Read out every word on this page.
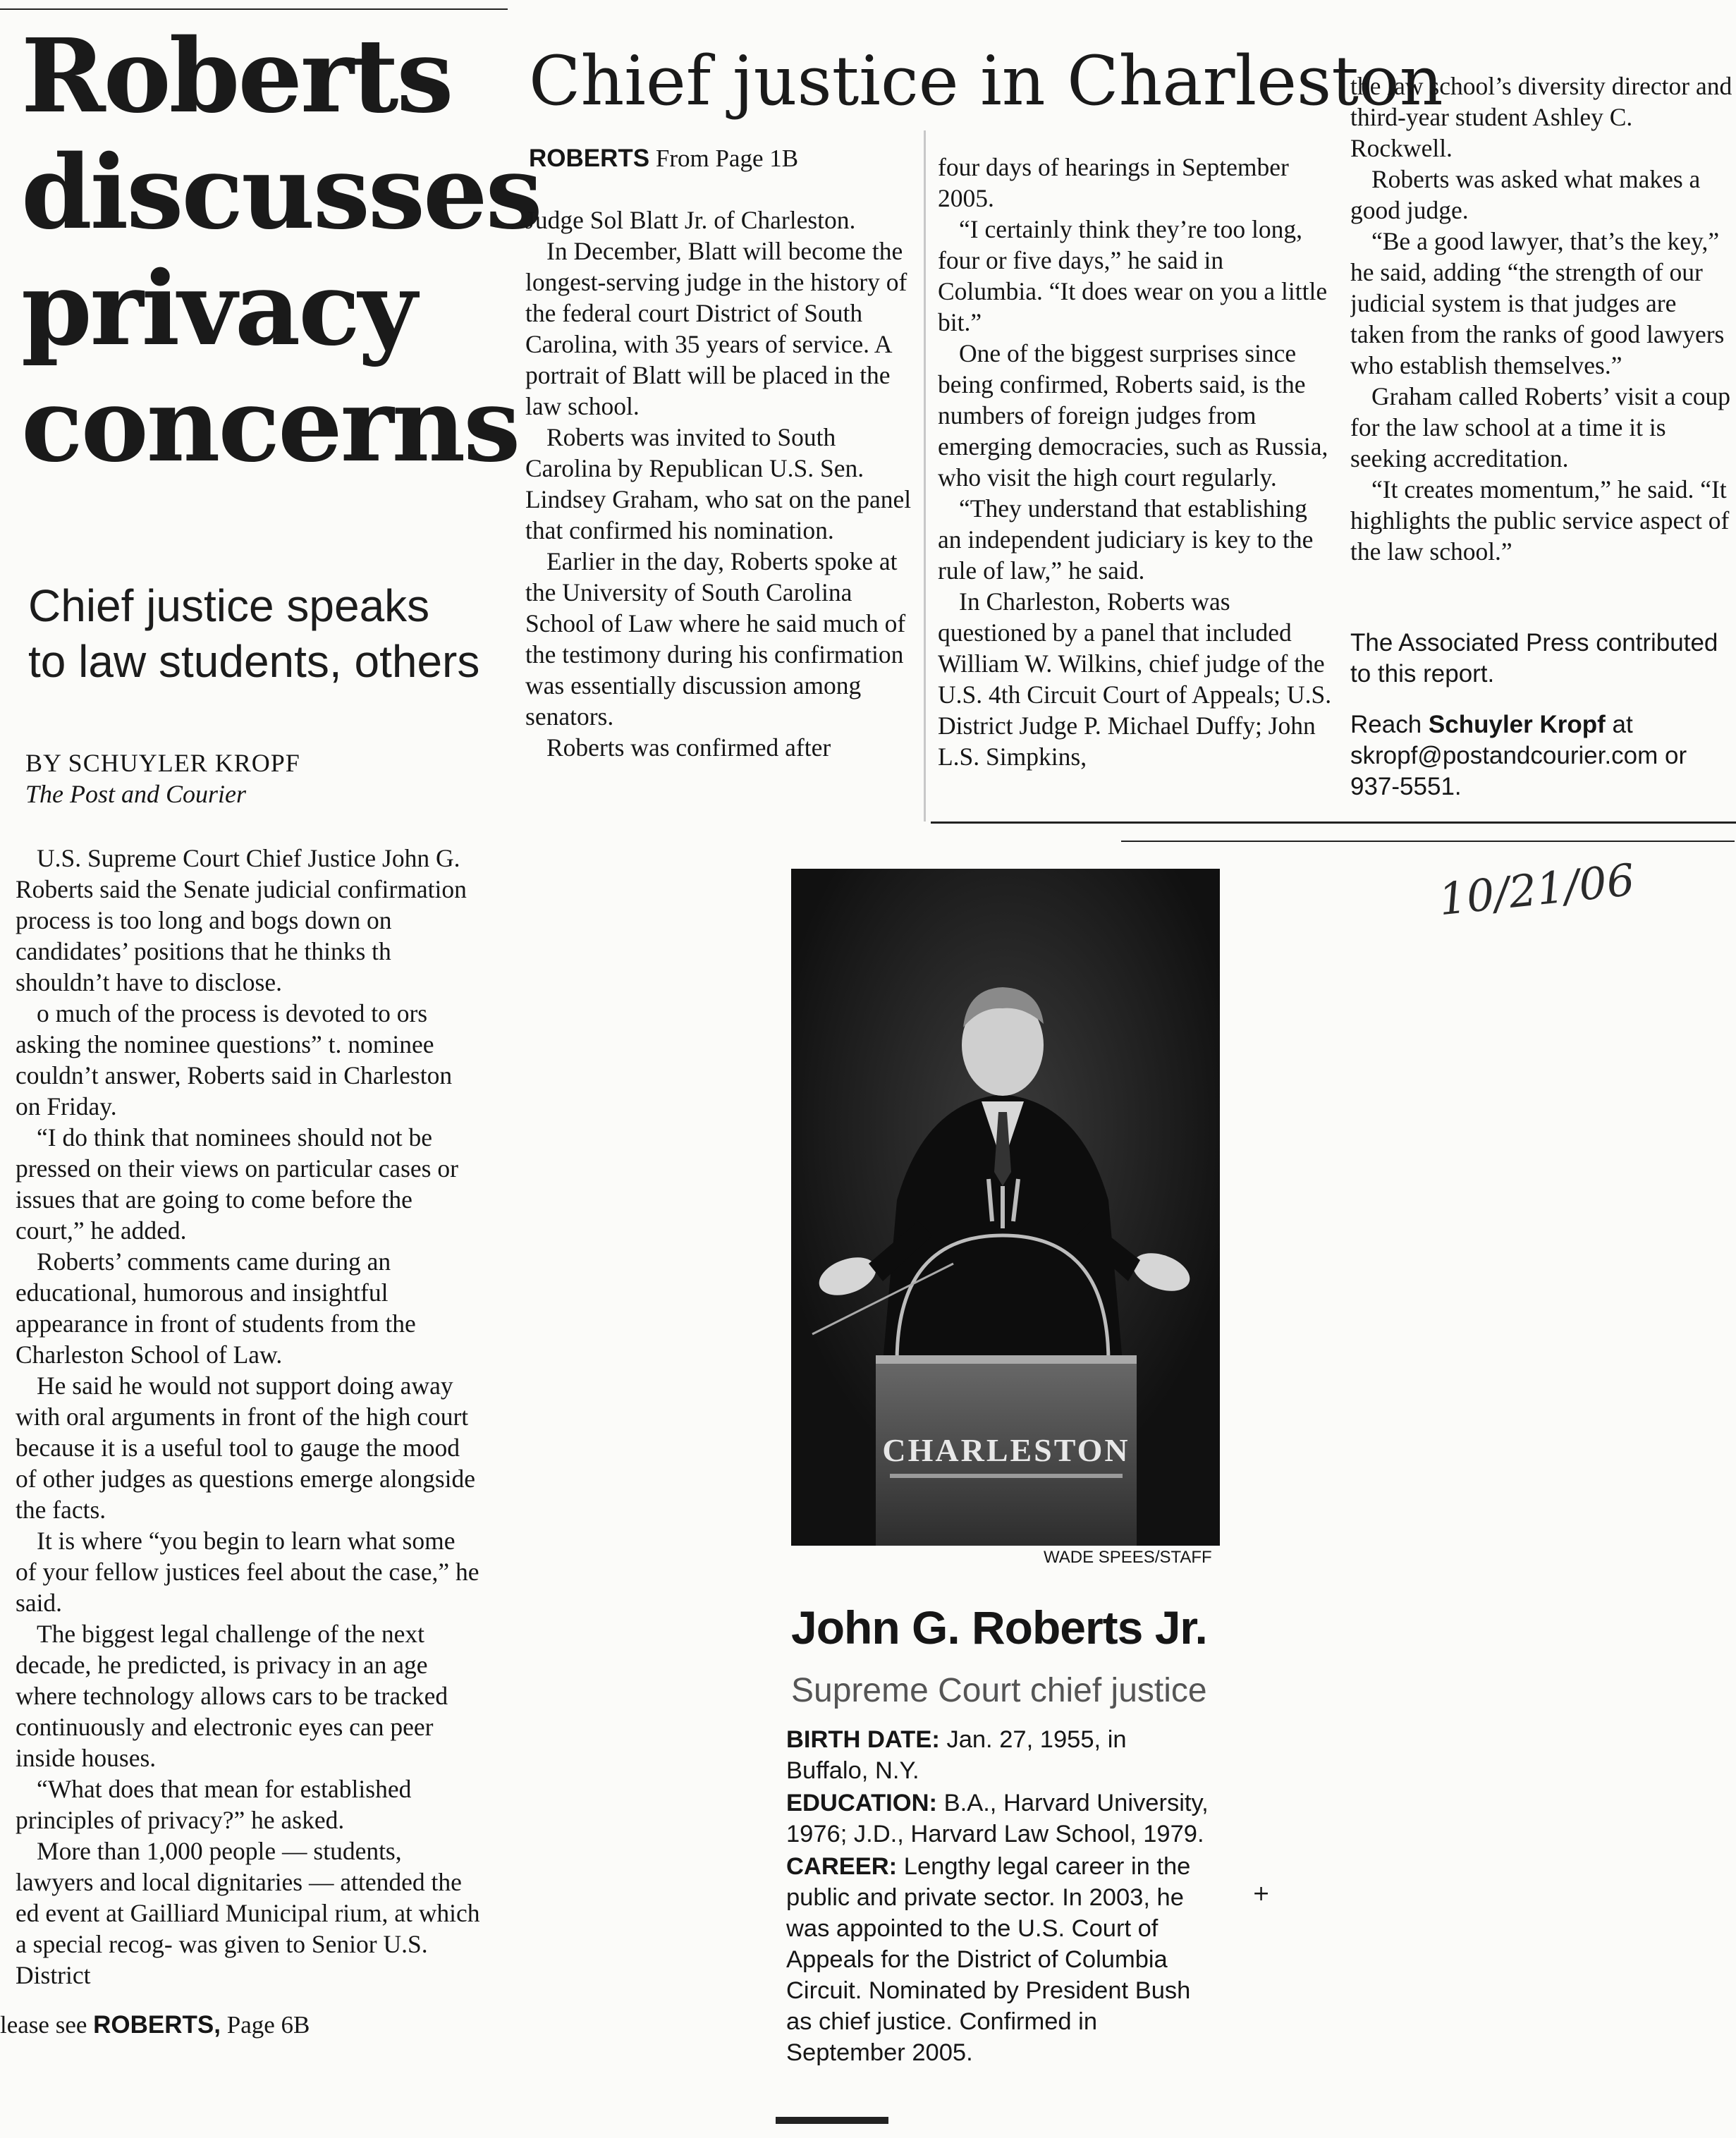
Roberts
discusses
privacy
concerns
Chief justice speaks
to law students, others
BY SCHUYLER KROPF
The Post and Courier

U.S. Supreme Court Chief Justice John G. Roberts said the Senate judicial confirmation process is too long and bogs down on candidates’ positions that he thinks th shouldn’t have to disclose.

o much of the process is devoted to ors asking the nominee questions” t. nominee couldn’t answer, Roberts said in Charleston on Friday.

“I do think that nominees should not be pressed on their views on particular cases or issues that are going to come before the court,” he added.

Roberts’ comments came during an educational, humorous and insightful appearance in front of students from the Charleston School of Law.

He said he would not support doing away with oral arguments in front of the high court because it is a useful tool to gauge the mood of other judges as questions emerge alongside the facts.

It is where “you begin to learn what some of your fellow justices feel about the case,” he said.

The biggest legal challenge of the next decade, he predicted, is privacy in an age where technology allows cars to be tracked continuously and electronic eyes can peer inside houses.

“What does that mean for established principles of privacy?” he asked.

More than 1,000 people — students, lawyers and local dignitaries — attended the ed event at Gailliard Municipal rium, at which a special recog- was given to Senior U.S. District

lease see ROBERTS, Page 6B
Chief justice in Charleston
ROBERTS From Page 1B

Judge Sol Blatt Jr. of Charleston.

In December, Blatt will become the longest-serving judge in the history of the federal court District of South Carolina, with 35 years of service. A portrait of Blatt will be placed in the law school.

Roberts was invited to South Carolina by Republican U.S. Sen. Lindsey Graham, who sat on the panel that confirmed his nomination.

Earlier in the day, Roberts spoke at the University of South Carolina School of Law where he said much of the testimony during his confirmation was essentially discussion among senators.

Roberts was confirmed after

four days of hearings in September 2005.

“I certainly think they’re too long, four or five days,” he said in Columbia. “It does wear on you a little bit.”

One of the biggest surprises since being confirmed, Roberts said, is the numbers of foreign judges from emerging democracies, such as Russia, who visit the high court regularly.

“They understand that establishing an independent judiciary is key to the rule of law,” he said.

In Charleston, Roberts was questioned by a panel that included William W. Wilkins, chief judge of the U.S. 4th Circuit Court of Appeals; U.S. District Judge P. Michael Duffy; John L.S. Simpkins,

the law school’s diversity director and third-year student Ashley C. Rockwell.

Roberts was asked what makes a good judge.

“Be a good lawyer, that’s the key,” he said, adding “the strength of our judicial system is that judges are taken from the ranks of good lawyers who establish themselves.”

Graham called Roberts’ visit a coup for the law school at a time it is seeking accreditation.

“It creates momentum,” he said. “It highlights the public service aspect of the law school.”

The Associated Press contributed to this report.

Reach Schuyler Kropf at skropf@postandcourier.com or 937-5551.

CHARLESTON
WADE SPEES/STAFF
John G. Roberts Jr.
Supreme Court chief justice

BIRTH DATE: Jan. 27, 1955, in Buffalo, N.Y.

EDUCATION: B.A., Harvard University, 1976; J.D., Harvard Law School, 1979.

CAREER: Lengthy legal career in the public and private sector. In 2003, he was appointed to the U.S. Court of Appeals for the District of Columbia Circuit. Nominated by President Bush as chief justice. Confirmed in September 2005.

10/21/06
+
